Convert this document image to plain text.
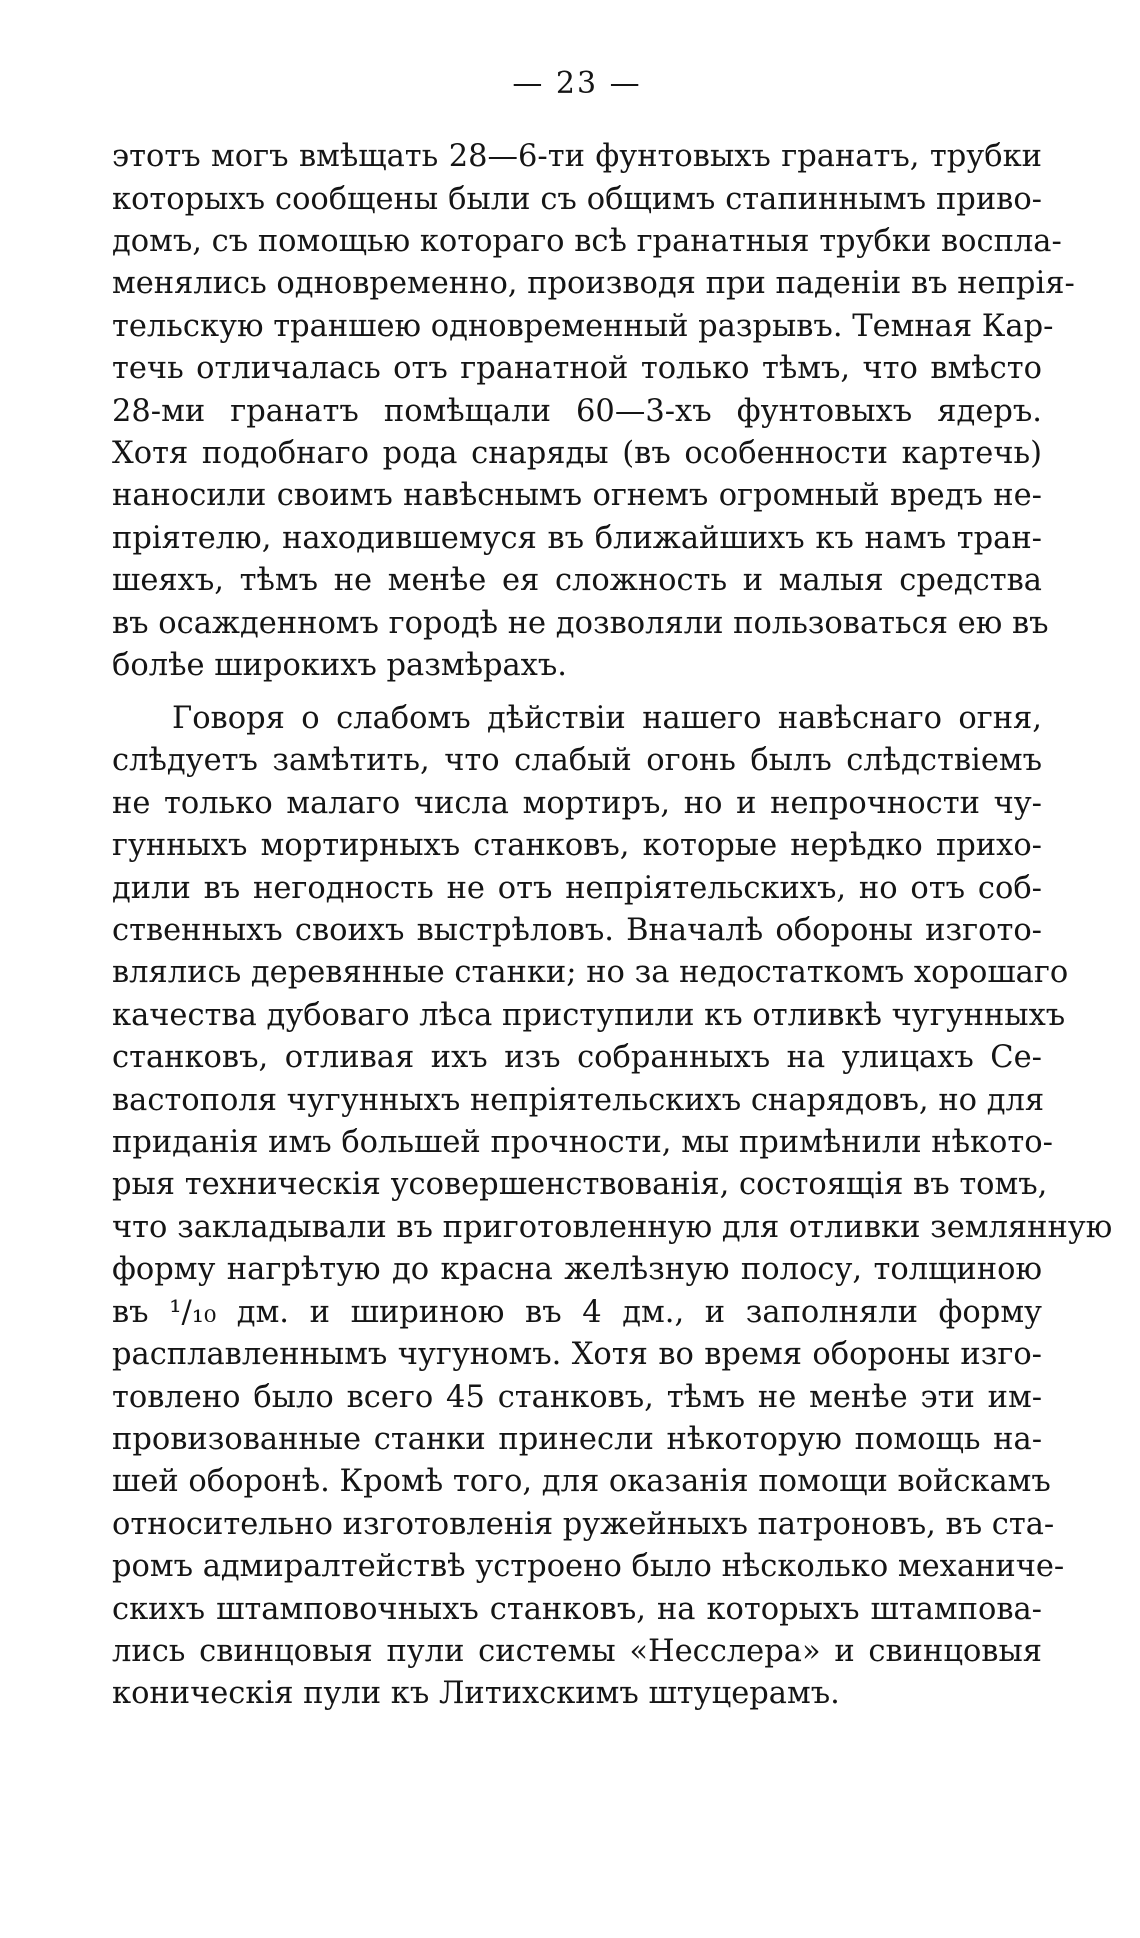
— 23 —
этотъ могъ вмѣщать 28—6-ти фунтовыхъ гранатъ, трубки
которыхъ сообщены были съ общимъ стапиннымъ приво-
домъ, съ помощью котораго всѣ гранатныя трубки воспла-
менялись одновременно, производя при паденіи въ непрія-
тельскую траншею одновременный разрывъ. Темная Кар-
течь отличалась отъ гранатной только тѣмъ, что вмѣсто
28-ми гранатъ помѣщали 60—3-хъ фунтовыхъ ядеръ.
Хотя подобнаго рода снаряды (въ особенности картечь)
наносили своимъ навѣснымъ огнемъ огромный вредъ не-
пріятелю, находившемуся въ ближайшихъ къ намъ тран-
шеяхъ, тѣмъ не менѣе ея сложность и малыя средства
въ осажденномъ городѣ не дозволяли пользоваться ею въ
болѣе широкихъ размѣрахъ.
Говоря о слабомъ дѣйствіи нашего навѣснаго огня,
слѣдуетъ замѣтить, что слабый огонь былъ слѣдствіемъ
не только малаго числа мортиръ, но и непрочности чу-
гунныхъ мортирныхъ станковъ, которые нерѣдко прихо-
дили въ негодность не отъ непріятельскихъ, но отъ соб-
ственныхъ своихъ выстрѣловъ. Вначалѣ обороны изгото-
влялись деревянные станки; но за недостаткомъ хорошаго
качества дубоваго лѣса приступили къ отливкѣ чугунныхъ
станковъ, отливая ихъ изъ собранныхъ на улицахъ Се-
вастополя чугунныхъ непріятельскихъ снарядовъ, но для
приданія имъ большей прочности, мы примѣнили нѣкото-
рыя техническія усовершенствованія, состоящія въ томъ,
что закладывали въ приготовленную для отливки землянную
форму нагрѣтую до красна желѣзную полосу, толщиною
въ ¹/₁₀ дм. и шириною въ 4 дм., и заполняли форму
расплавленнымъ чугуномъ. Хотя во время обороны изго-
товлено было всего 45 станковъ, тѣмъ не менѣе эти им-
провизованные станки принесли нѣкоторую помощь на-
шей оборонѣ. Кромѣ того, для оказанія помощи войскамъ
относительно изготовленія ружейныхъ патроновъ, въ ста-
ромъ адмиралтействѣ устроено было нѣсколько механиче-
скихъ штамповочныхъ станковъ, на которыхъ штампова-
лись свинцовыя пули системы «Несслера» и свинцовыя
коническія пули къ Литихскимъ штуцерамъ.
